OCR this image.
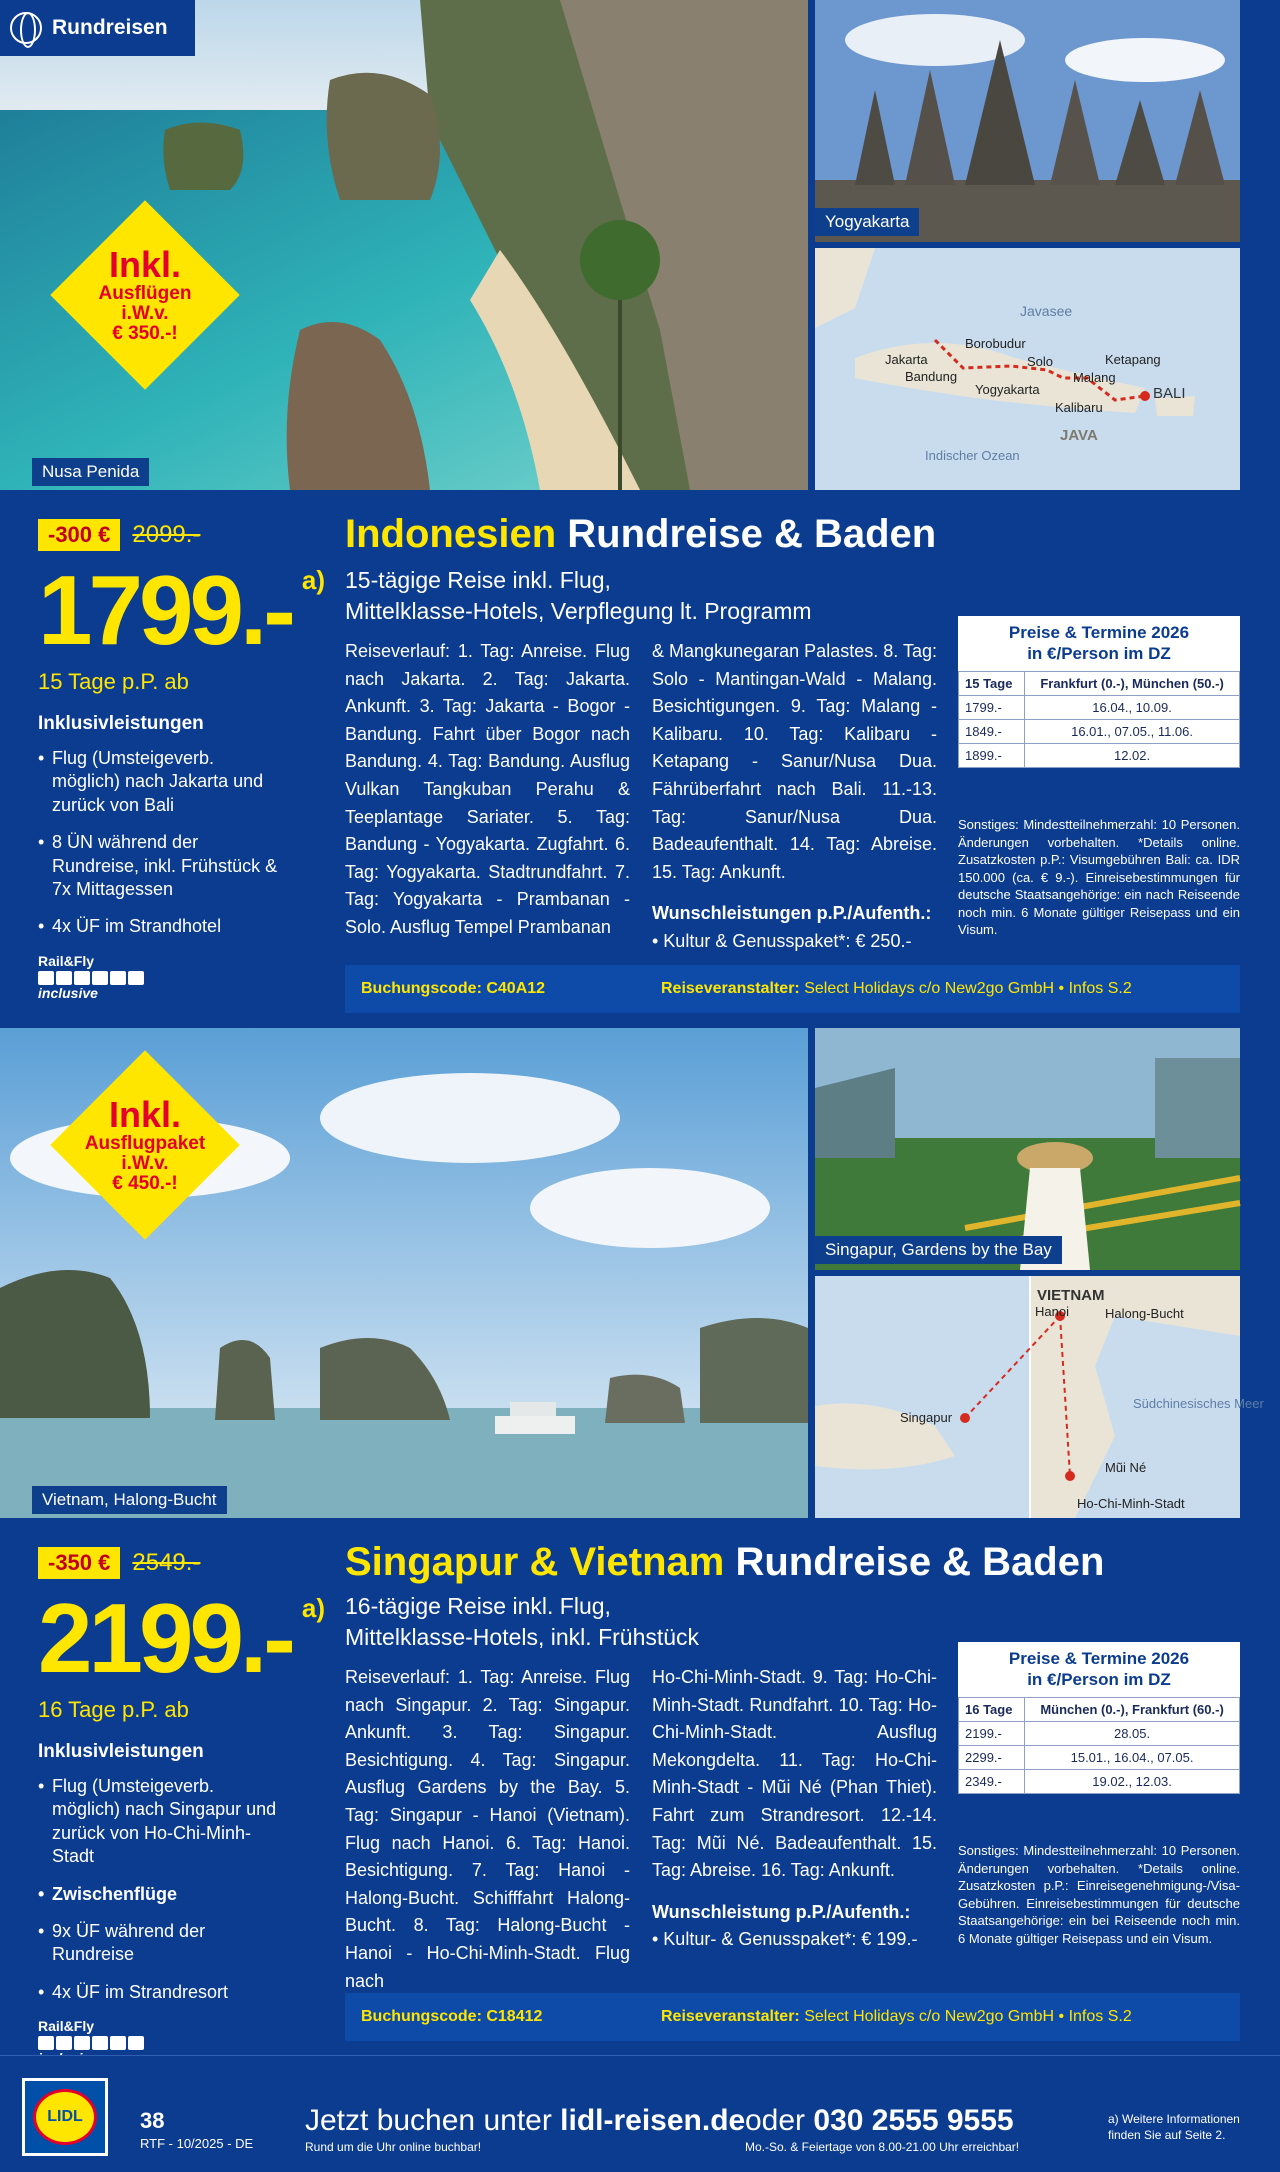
Rundreisen
Nusa Penida
Inkl.
Ausflügen
i.W.v.
€ 350.-!
Yogyakarta
Javasee
Indischer Ozean
JAVA
BALI
Jakarta
Bandung
Borobudur
Solo
Yogyakarta
Ketapang
Malang
Kalibaru
-300 € 2099.-
1799.- $^{a)}$
15 Tage p.P. ab
Inklusivleistungen
• Flug (Umsteigeverb. möglich) nach Jakarta und zurück von Bali
• 8 ÜN während der Rundreise, inkl. Frühstück & 7x Mittagessen
• 4x ÜF im Strandhotel
Rail&Fly
inclusive
Indonesien Rundreise & Baden
15-tägige Reise inkl. Flug,
Mittelklasse-Hotels, Verpflegung lt. Programm
Reiseverlauf: 1. Tag: Anreise. Flug nach Jakarta. 2. Tag: Jakarta. Ankunft. 3. Tag: Jakarta - Bogor - Bandung. Fahrt über Bogor nach Bandung. 4. Tag: Bandung. Ausflug Vulkan Tangkuban Perahu & Teeplantage Sariater. 5. Tag: Bandung - Yogyakarta. Zugfahrt. 6. Tag: Yogyakarta. Stadtrundfahrt. 7. Tag: Yogyakarta - Prambanan - Solo. Ausflug Tempel Prambanan
& Mangkunegaran Palastes. 8. Tag: Solo - Mantingan-Wald - Malang. Besichtigungen. 9. Tag: Malang - Kalibaru. 10. Tag: Kalibaru - Ketapang - Sanur/Nusa Dua. Fährüberfahrt nach Bali. 11.-13. Tag: Sanur/Nusa Dua. Badeaufenthalt. 14. Tag: Abreise. 15. Tag: Ankunft.
Wunschleistungen p.P./Aufenth.:
• Kultur & Genusspaket*: € 250.-
Preise & Termine 2026
in €/Person im DZ
15 Tage	Frankfurt (0.-), München (50.-)
1799.-	16.04., 10.09.
1849.-	16.01., 07.05., 11.06.
1899.-	12.02.
Sonstiges: Mindestteilnehmerzahl: 10 Personen. Änderungen vorbehalten. *Details online. Zusatzkosten p.P.: Visumgebühren Bali: ca. IDR 150.000 (ca. € 9.-). Einreisebestimmungen für deutsche Staatsangehörige: ein nach Reiseende noch min. 6 Monate gültiger Reisepass und ein Visum.
Buchungscode: C40A12	Reiseveranstalter: Select Holidays c/o New2go GmbH • Infos S.2
Vietnam, Halong-Bucht
Inkl.
Ausflugpaket
i.W.v.
€ 450.-!
Singapur, Gardens by the Bay
VIETNAM
Südchinesisches Meer
Hanoi	Halong-Bucht
Singapur
Mũi Né
Ho-Chi-Minh-Stadt
-350 € 2549.-
2199.- $^{a)}$
16 Tage p.P. ab
Inklusivleistungen
• Flug (Umsteigeverb. möglich) nach Singapur und zurück von Ho-Chi-Minh-Stadt
• Zwischenflüge
• 9x ÜF während der Rundreise
• 4x ÜF im Strandresort
Rail&Fly
Singapur & Vietnam Rundreise & Baden
16-tägige Reise inkl. Flug,
Mittelklasse-Hotels, inkl. Frühstück
Reiseverlauf: 1. Tag: Anreise. Flug nach Singapur. 2. Tag: Singapur. Ankunft. 3. Tag: Singapur. Besichtigung. 4. Tag: Singapur. Ausflug Gardens by the Bay. 5. Tag: Singapur - Hanoi (Vietnam). Flug nach Hanoi. 6. Tag: Hanoi. Besichtigung. 7. Tag: Hanoi - Halong-Bucht. Schifffahrt Halong-Bucht. 8. Tag: Halong-Bucht - Hanoi - Ho-Chi-Minh-Stadt. Flug nach
Ho-Chi-Minh-Stadt. 9. Tag: Ho-Chi-Minh-Stadt. Rundfahrt. 10. Tag: Ho-Chi-Minh-Stadt. Ausflug Mekongdelta. 11. Tag: Ho-Chi-Minh-Stadt - Mũi Né (Phan Thiet). Fahrt zum Strandresort. 12.-14. Tag: Mũi Né. Badeaufenthalt. 15. Tag: Abreise. 16. Tag: Ankunft.
Wunschleistung p.P./Aufenth.:
• Kultur- & Genusspaket*: € 199.-
Preise & Termine 2026
in €/Person im DZ
16 Tage	München (0.-), Frankfurt (60.-)
2199.-	28.05.
2299.-	15.01., 16.04., 07.05.
2349.-	19.02., 12.03.
Sonstiges: Mindestteilnehmerzahl: 10 Personen. Änderungen vorbehalten. *Details online. Zusatzkosten p.P.: Einreisegenehmigung-/Visa-Gebühren. Einreisebestimmungen für deutsche Staatsangehörige: ein bei Reiseende noch min. 6 Monate gültiger Reisepass und ein Visum.
Buchungscode: C18412	Reiseveranstalter: Select Holidays c/o New2go GmbH • Infos S.2
LIDL	38
RTF - 10/2025 - DE
Jetzt buchen unter lidl-reisen.de
Rund um die Uhr online buchbar!
oder 030 2555 9555
Mo.-So. & Feiertage von 8.00-21.00 Uhr erreichbar!
a) Weitere Informationen finden Sie auf Seite 2.
